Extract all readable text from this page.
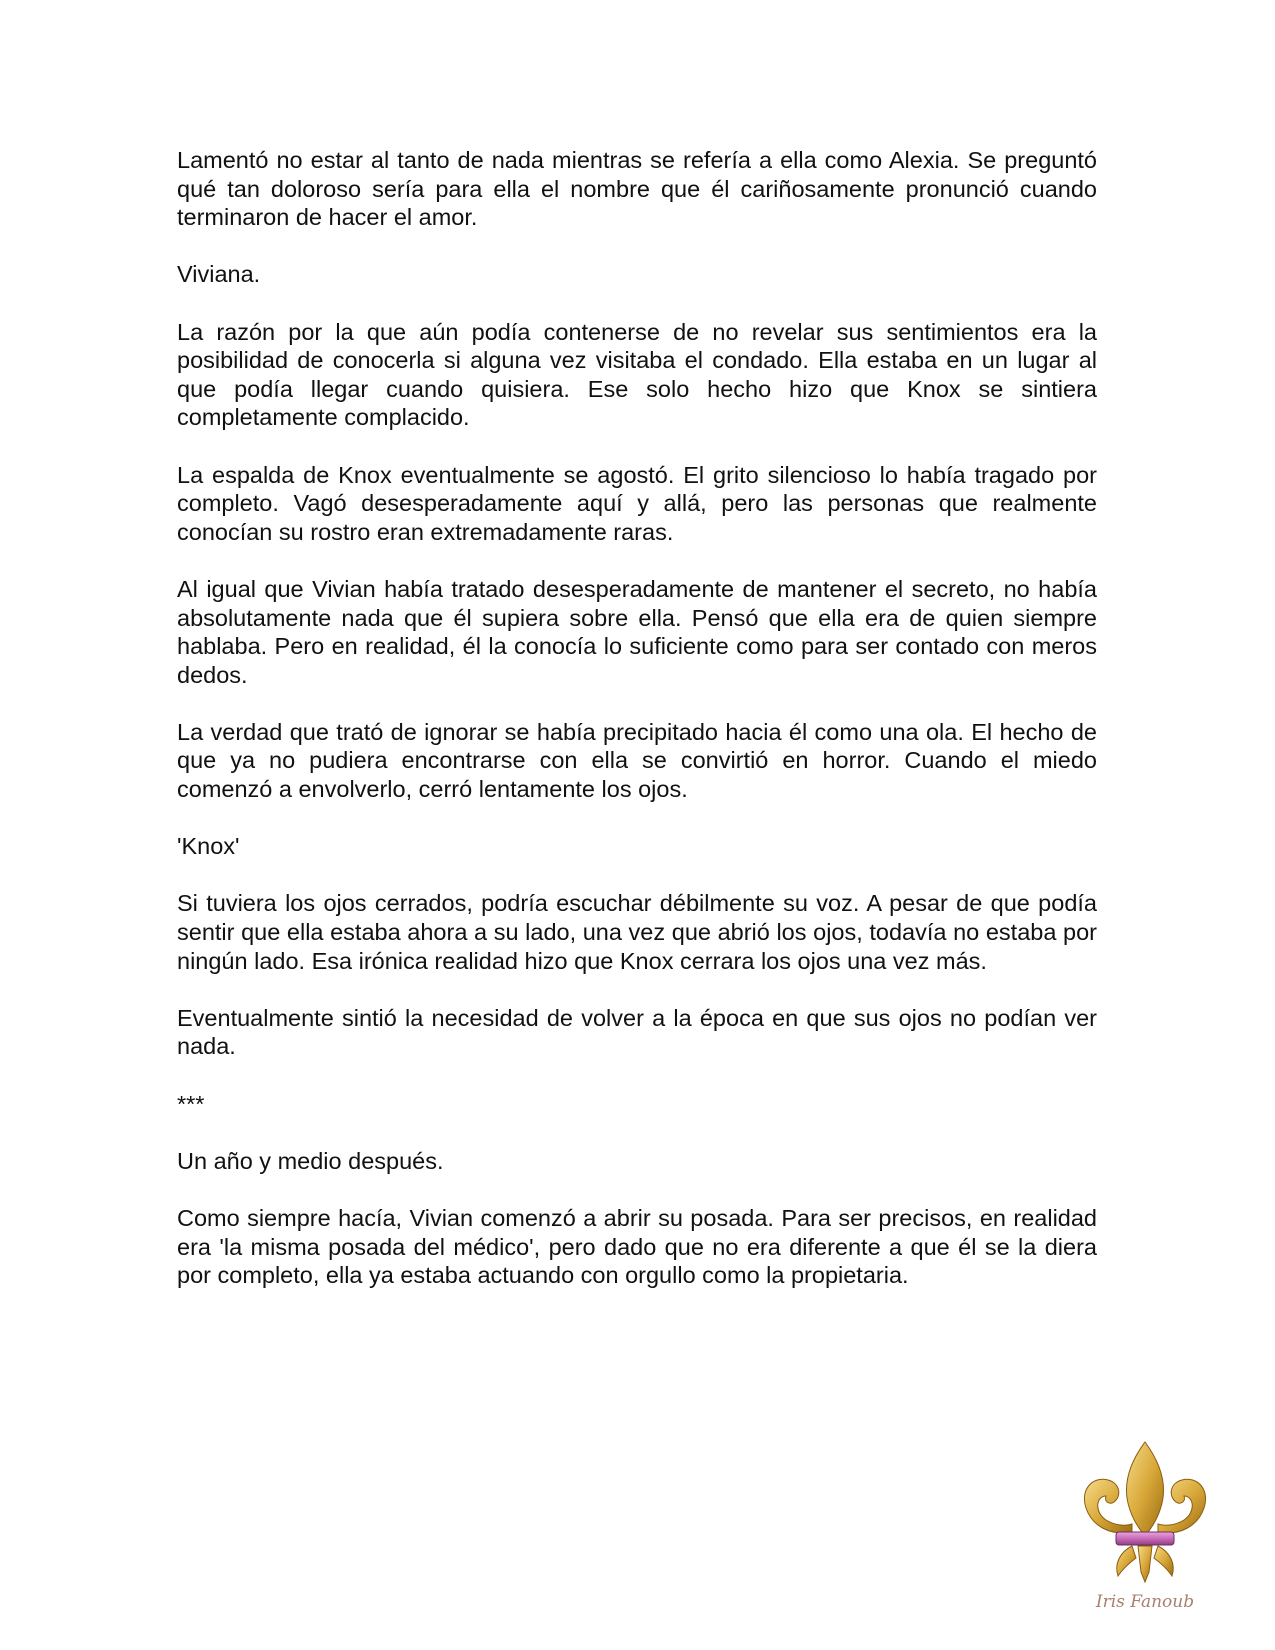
Lamentó no estar al tanto de nada mientras se refería a ella como Alexia. Se preguntó qué tan doloroso sería para ella el nombre que él cariñosamente pronunció cuando terminaron de hacer el amor.

Viviana.

La razón por la que aún podía contenerse de no revelar sus sentimientos era la posibilidad de conocerla si alguna vez visitaba el condado. Ella estaba en un lugar al que podía llegar cuando quisiera. Ese solo hecho hizo que Knox se sintiera completamente complacido.

La espalda de Knox eventualmente se agostó. El grito silencioso lo había tragado por completo. Vagó desesperadamente aquí y allá, pero las personas que realmente conocían su rostro eran extremadamente raras.

Al igual que Vivian había tratado desesperadamente de mantener el secreto, no había absolutamente nada que él supiera sobre ella. Pensó que ella era de quien siempre hablaba. Pero en realidad, él la conocía lo suficiente como para ser contado con meros dedos.

La verdad que trató de ignorar se había precipitado hacia él como una ola. El hecho de que ya no pudiera encontrarse con ella se convirtió en horror. Cuando el miedo comenzó a envolverlo, cerró lentamente los ojos.

'Knox'

Si tuviera los ojos cerrados, podría escuchar débilmente su voz. A pesar de que podía sentir que ella estaba ahora a su lado, una vez que abrió los ojos, todavía no estaba por ningún lado. Esa irónica realidad hizo que Knox cerrara los ojos una vez más.

Eventualmente sintió la necesidad de volver a la época en que sus ojos no podían ver nada.

***

Un año y medio después.

Como siempre hacía, Vivian comenzó a abrir su posada. Para ser precisos, en realidad era 'la misma posada del médico', pero dado que no era diferente a que él se la diera por completo, ella ya estaba actuando con orgullo como la propietaria.

Iris Fanoub
